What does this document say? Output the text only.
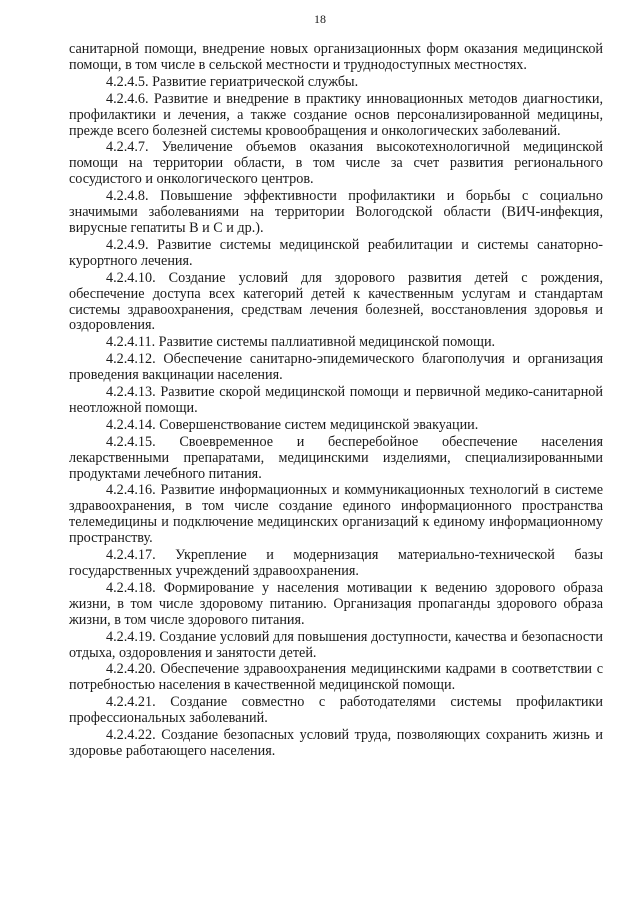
18

санитарной помощи, внедрение новых организационных форм оказания медицинской помощи, в том числе в сельской местности и труднодоступных местностях.

4.2.4.5. Развитие гериатрической службы.

4.2.4.6. Развитие и внедрение в практику инновационных методов диагностики, профилактики и лечения, а также создание основ персонализированной медицины, прежде всего болезней системы кровообращения и онкологических заболеваний.

4.2.4.7. Увеличение объемов оказания высокотехнологичной медицинской помощи на территории области, в том числе за счет развития регионального сосудистого и онкологического центров.

4.2.4.8. Повышение эффективности профилактики и борьбы с социально значимыми заболеваниями на территории Вологодской области (ВИЧ-инфекция, вирусные гепатиты В и С и др.).

4.2.4.9. Развитие системы медицинской реабилитации и системы санаторно-курортного лечения.

4.2.4.10. Создание условий для здорового развития детей с рождения, обеспечение доступа всех категорий детей к качественным услугам и стандартам системы здравоохранения, средствам лечения болезней, восстановления здоровья и оздоровления.

4.2.4.11. Развитие системы паллиативной медицинской помощи.

4.2.4.12. Обеспечение санитарно-эпидемического благополучия и организация проведения вакцинации населения.

4.2.4.13. Развитие скорой медицинской помощи и первичной медико-санитарной неотложной помощи.

4.2.4.14. Совершенствование систем медицинской эвакуации.

4.2.4.15. Своевременное и бесперебойное обеспечение населения лекарственными препаратами, медицинскими изделиями, специализированными продуктами лечебного питания.

4.2.4.16. Развитие информационных и коммуникационных технологий в системе здравоохранения, в том числе создание единого информационного пространства телемедицины и подключение медицинских организаций к единому информационному пространству.

4.2.4.17. Укрепление и модернизация материально-технической базы государственных учреждений здравоохранения.

4.2.4.18. Формирование у населения мотивации к ведению здорового образа жизни, в том числе здоровому питанию. Организация пропаганды здорового образа жизни, в том числе здорового питания.

4.2.4.19. Создание условий для повышения доступности, качества и безопасности отдыха, оздоровления и занятости детей.

4.2.4.20. Обеспечение здравоохранения медицинскими кадрами в соответствии с потребностью населения в качественной медицинской помощи.

4.2.4.21. Создание совместно с работодателями системы профилактики профессиональных заболеваний.

4.2.4.22. Создание безопасных условий труда, позволяющих сохранить жизнь и здоровье работающего населения.
